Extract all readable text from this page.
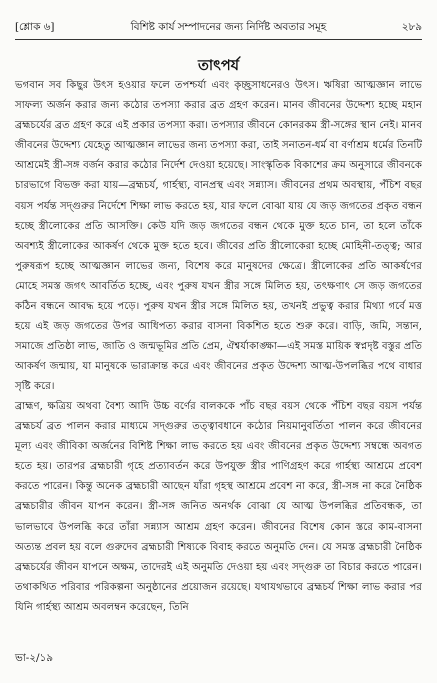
[শ্লোক ৬]	বিশিষ্ট কার্য সম্পাদনের জন্য নির্দিষ্ট অবতার সমূহ	২৮৯
তাৎপর্য

ভগবান সব কিছুর উৎস হওয়ার ফলে তপশ্চর্যা এবং কৃচ্ছ্রসাধনেরও উৎস। ঋষিরা আত্মজ্ঞান লাভে সাফল্য অর্জন করার জন্য কঠোর তপস্যা করার ব্রত গ্রহণ করেন। মানব জীবনের উদ্দেশ্য হচ্ছে মহান ব্রহ্মচর্যের ব্রত গ্রহণ করে এই প্রকার তপস্যা করা। তপস্যার জীবনে কোনরকম স্ত্রী-সঙ্গের স্থান নেই। মানব জীবনের উদ্দেশ্য যেহেতু আত্মজ্ঞান লাভের জন্য তপস্যা করা, তাই সনাতন-ধর্ম বা বর্ণাশ্রম ধর্মের তিনটি আশ্রমেই স্ত্রী-সঙ্গ বর্জন করার কঠোর নির্দেশ দেওয়া হয়েছে। সাংস্কৃতিক বিকাশের ক্রম অনুসারে জীবনকে চারভাগে বিভক্ত করা যায়—ব্রহ্মচর্য, গার্হস্থ্য, বানপ্রস্থ এবং সন্ন্যাস। জীবনের প্রথম অবস্থায়, পঁচিশ বছর বয়স পর্যন্ত সদ্গুরুর নির্দেশে শিক্ষা লাভ করতে হয়, যার ফলে বোঝা যায় যে জড় জগতের প্রকৃত বন্ধন হচ্ছে স্ত্রীলোকের প্রতি আসক্তি। কেউ যদি জড় জগতের বন্ধন থেকে মুক্ত হতে চান, তা হলে তাঁকে অবশ্যই স্ত্রীলোকের আকর্ষণ থেকে মুক্ত হতে হবে। জীবের প্রতি স্ত্রীলোকেরা হচ্ছে মোহিনী-তত্ত্ব; আর পুরুষরূপ হচ্ছে আত্মজ্ঞান লাভের জন্য, বিশেষ করে মানুষদের ক্ষেত্রে। স্ত্রীলোকের প্রতি আকর্ষণের মোহে সমস্ত জগৎ আবর্তিত হচ্ছে, এবং পুরুষ যখন স্ত্রীর সঙ্গে মিলিত হয়, তৎক্ষণাৎ সে জড় জগতের কঠিন বন্ধনে আবদ্ধ হয়ে পড়ে। পুরুষ যখন স্ত্রীর সঙ্গে মিলিত হয়, তখনই প্রভুত্ব করার মিথ্যা গর্বে মত্ত হয়ে এই জড় জগতের উপর আধিপত্য করার বাসনা বিকশিত হতে শুরু করে। বাড়ি, জমি, সন্তান, সমাজে প্রতিষ্ঠা লাভ, জাতি ও জন্মভূমির প্রতি প্রেম, ঐশ্বর্যাকাঙ্ক্ষা—এই সমস্ত মায়িক স্বপ্নদৃষ্ট বস্তুর প্রতি আকর্ষণ জন্মায়, যা মানুষকে ভারাক্রান্ত করে এবং জীবনের প্রকৃত উদ্দেশ্য আত্ম-উপলব্ধির পথে বাধার সৃষ্টি করে।

ব্রাহ্মণ, ক্ষত্রিয় অথবা বৈশ্য আদি উচ্চ বর্ণের বালককে পাঁচ বছর বয়স থেকে পঁচিশ বছর বয়স পর্যন্ত ব্রহ্মচর্য ব্রত পালন করার মাধ্যমে সদ্গুরুর তত্ত্বাবধানে কঠোর নিয়মানুবর্তিতা পালন করে জীবনের মূল্য এবং জীবিকা অর্জনের বিশিষ্ট শিক্ষা লাভ করতে হয় এবং জীবনের প্রকৃত উদ্দেশ্য সম্বন্ধে অবগত হতে হয়। তারপর ব্রহ্মচারী গৃহে প্রত্যাবর্তন করে উপযুক্ত স্ত্রীর পাণিগ্রহণ করে গার্হস্থ্য আশ্রমে প্রবেশ করতে পারেন। কিন্তু অনেক ব্রহ্মচারী আছেন যাঁরা গৃহস্থ আশ্রমে প্রবেশ না করে, স্ত্রী-সঙ্গ না করে নৈষ্ঠিক ব্রহ্মচারীর জীবন যাপন করেন। স্ত্রী-সঙ্গ জনিত অনর্থক বোঝা যে আত্ম উপলব্ধির প্রতিবন্ধক, তা ভালভাবে উপলব্ধি করে তাঁরা সন্ন্যাস আশ্রম গ্রহণ করেন। জীবনের বিশেষ কোন স্তরে কাম-বাসনা অত্যন্ত প্রবল হয় বলে গুরুদেব ব্রহ্মচারী শিষ্যকে বিবাহ করতে অনুমতি দেন। যে সমস্ত ব্রহ্মচারী নৈষ্ঠিক ব্রহ্মচর্যের জীবন যাপনে অক্ষম, তাদেরই এই অনুমতি দেওয়া হয় এবং সদ্গুরু তা বিচার করতে পারেন। তথাকথিত পরিবার পরিকল্পনা অনুষ্ঠানের প্রয়োজন রয়েছে। যথাযথভাবে ব্রহ্মচর্য শিক্ষা লাভ করার পর যিনি গার্হস্থ্য আশ্রম অবলম্বন করেছেন, তিনি

ভা-২/১৯
